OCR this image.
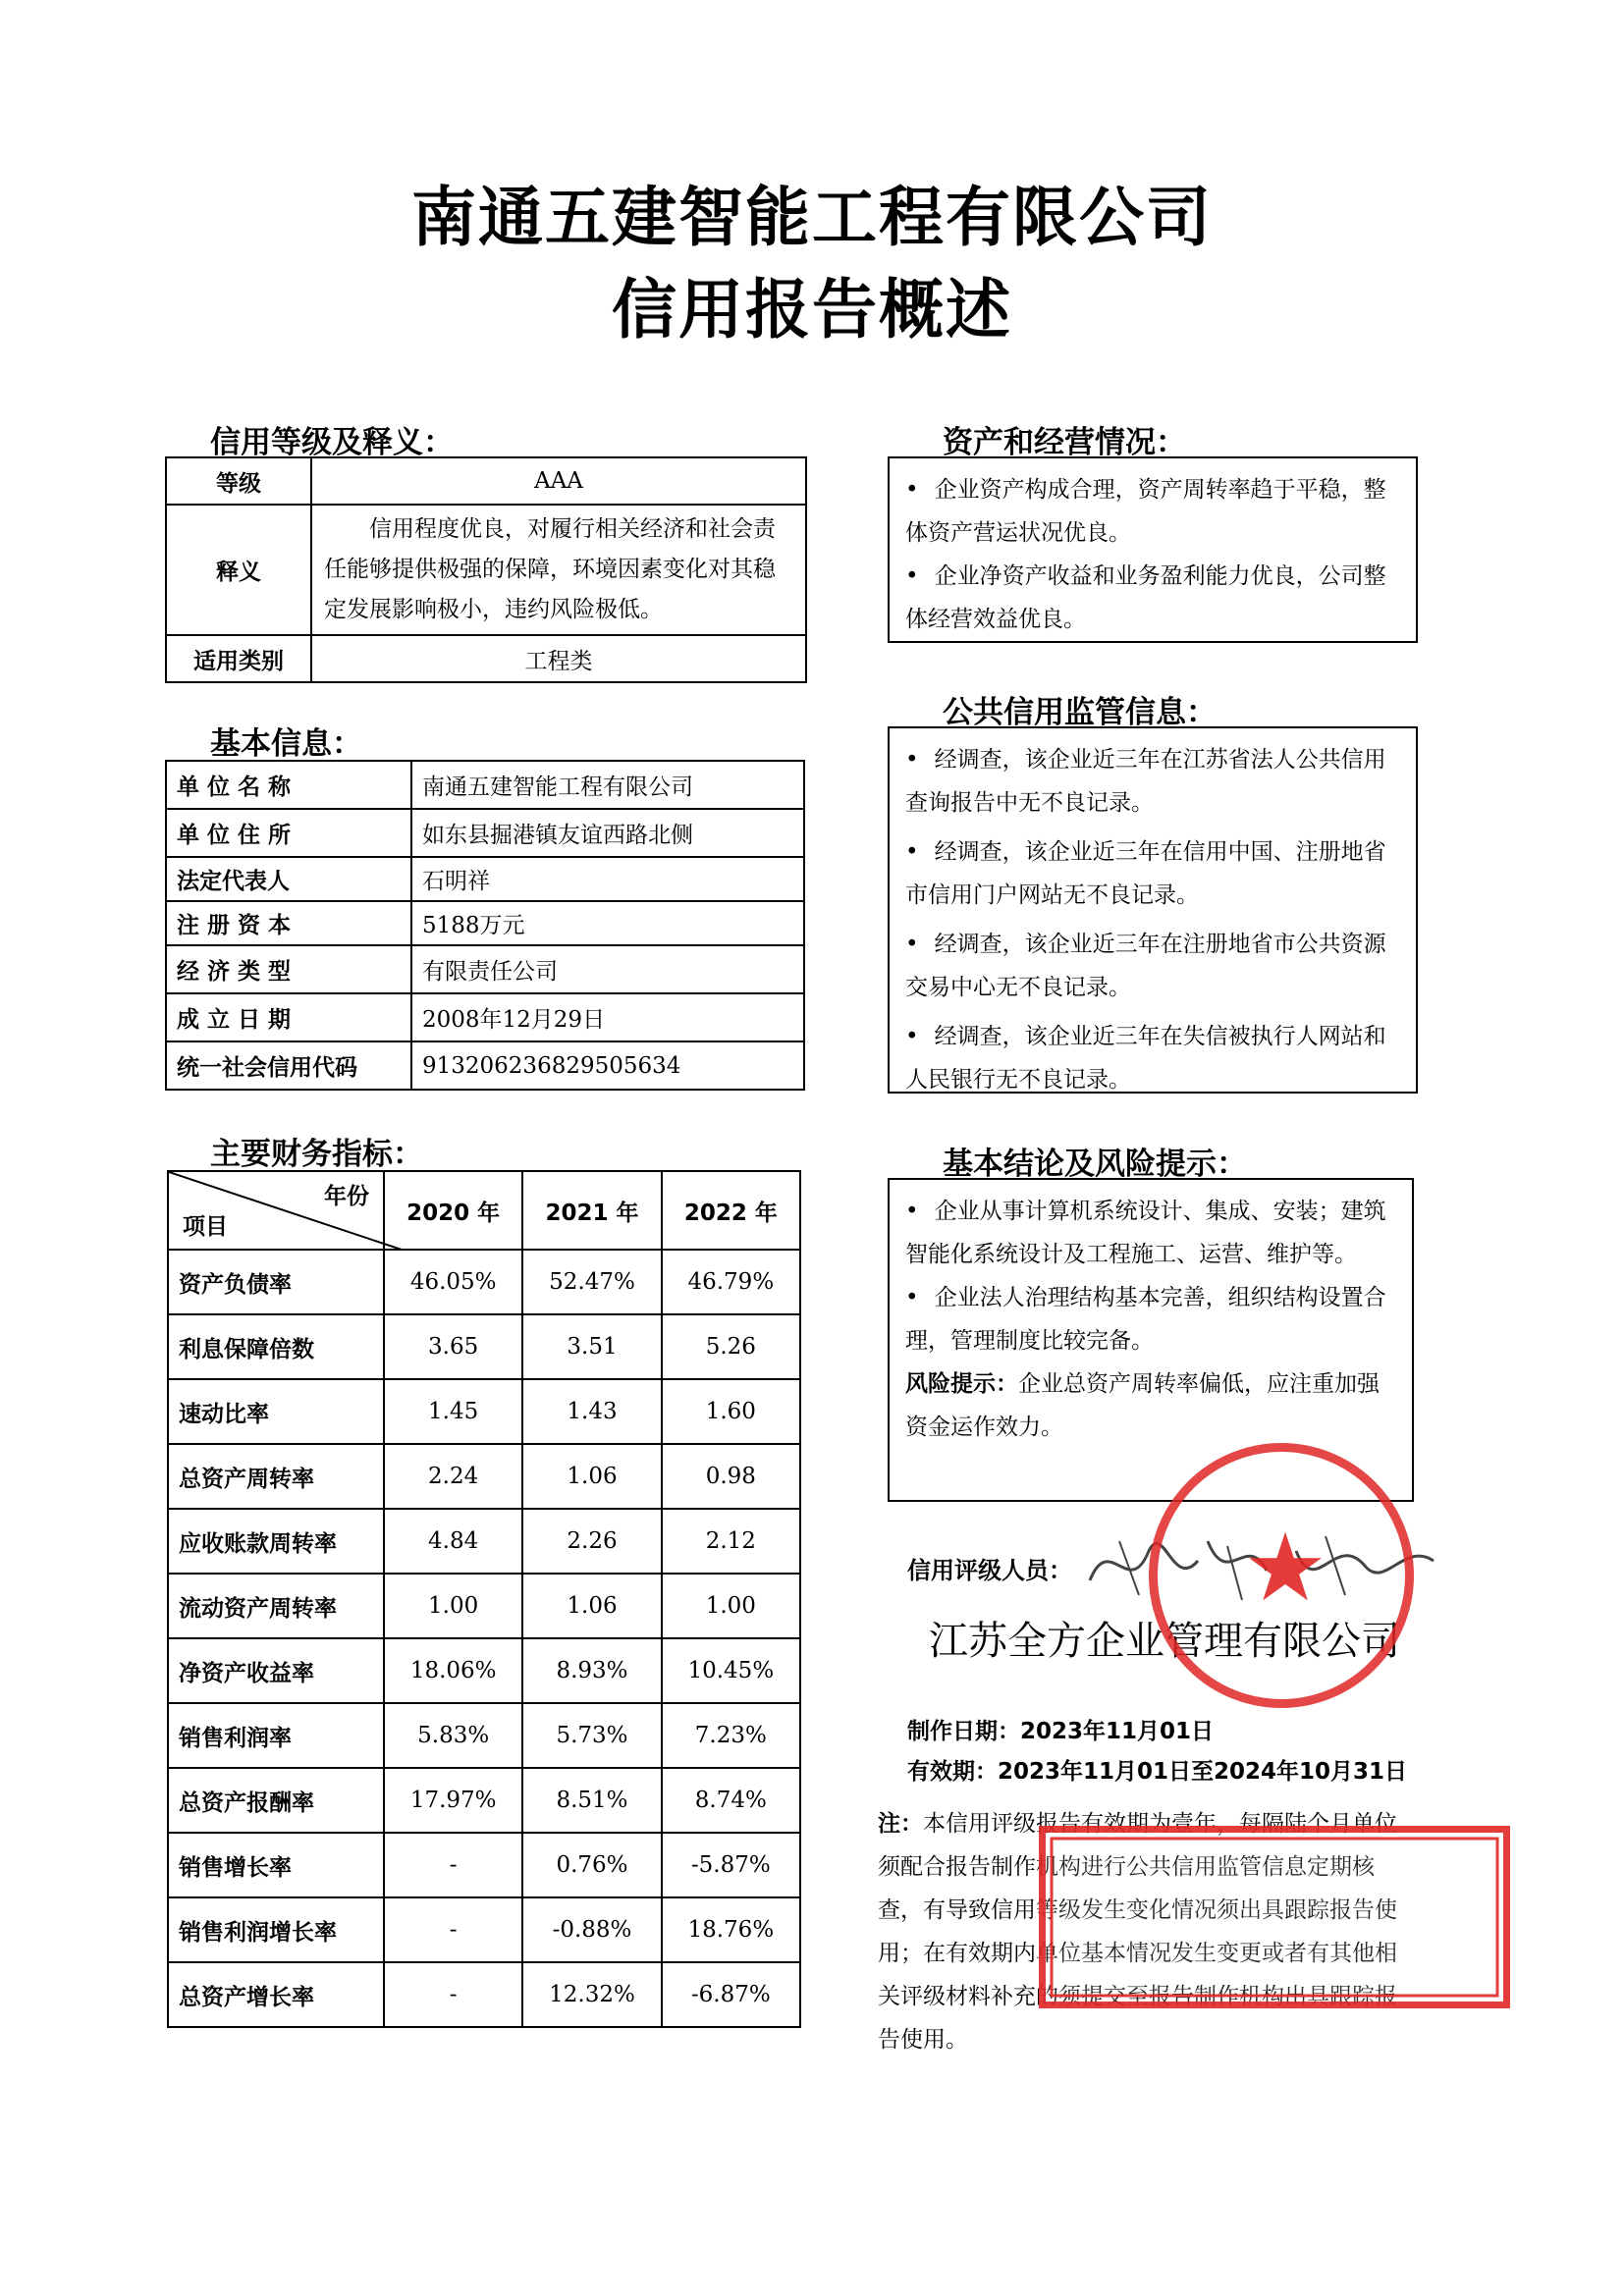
南通五建智能工程有限公司
信用报告概述
信用等级及释义：
等级	AAA
释义	信用程度优良，对履行相关经济和社会责任能够提供极强的保障，环境因素变化对其稳定发展影响极小，违约风险极低。
适用类别	工程类
基本信息：
单 位 名 称	南通五建智能工程有限公司
单 位 住 所	如东县掘港镇友谊西路北侧
法定代表人	石明祥
注 册 资 本	5188万元
经 济 类 型	有限责任公司
成 立 日 期	2008年12月29日
统一社会信用代码	913206236829505634
主要财务指标：
年份
项目	2020 年	2021 年	2022 年
资产负债率	46.05%	52.47%	46.79%
利息保障倍数	3.65	3.51	5.26
速动比率	1.45	1.43	1.60
总资产周转率	2.24	1.06	0.98
应收账款周转率	4.84	2.26	2.12
流动资产周转率	1.00	1.06	1.00
净资产收益率	18.06%	8.93%	10.45%
销售利润率	5.83%	5.73%	7.23%
总资产报酬率	17.97%	8.51%	8.74%
销售增长率	-	0.76%	-5.87%
销售利润增长率	-	-0.88%	18.76%
总资产增长率	-	12.32%	-6.87%
资产和经营情况：

• 企业资产构成合理，资产周转率趋于平稳，整体资产营运状况优良。

• 企业净资产收益和业务盈利能力优良，公司整体经营效益优良。

公共信用监管信息：

• 经调查，该企业近三年在江苏省法人公共信用查询报告中无不良记录。

• 经调查，该企业近三年在信用中国、注册地省市信用门户网站无不良记录。

• 经调查，该企业近三年在注册地省市公共资源交易中心无不良记录。

• 经调查，该企业近三年在失信被执行人网站和人民银行无不良记录。

基本结论及风险提示：

• 企业从事计算机系统设计、集成、安装；建筑智能化系统设计及工程施工、运营、维护等。

• 企业法人治理结构基本完善，组织结构设置合理，管理制度比较完备。

风险提示：企业总资产周转率偏低，应注重加强资金运作效力。

信用评级人员：
江苏全方企业管理有限公司
制作日期：2023年11月01日
有效期：2023年11月01日至2024年10月31日
注：本信用评级报告有效期为壹年，每隔陆个月单位须配合报告制作机构进行公共信用监管信息定期核查，有导致信用等级发生变化情况须出具跟踪报告使用；在有效期内单位基本情况发生变更或者有其他相关评级材料补充的须提交至报告制作机构出具跟踪报告使用。
★
